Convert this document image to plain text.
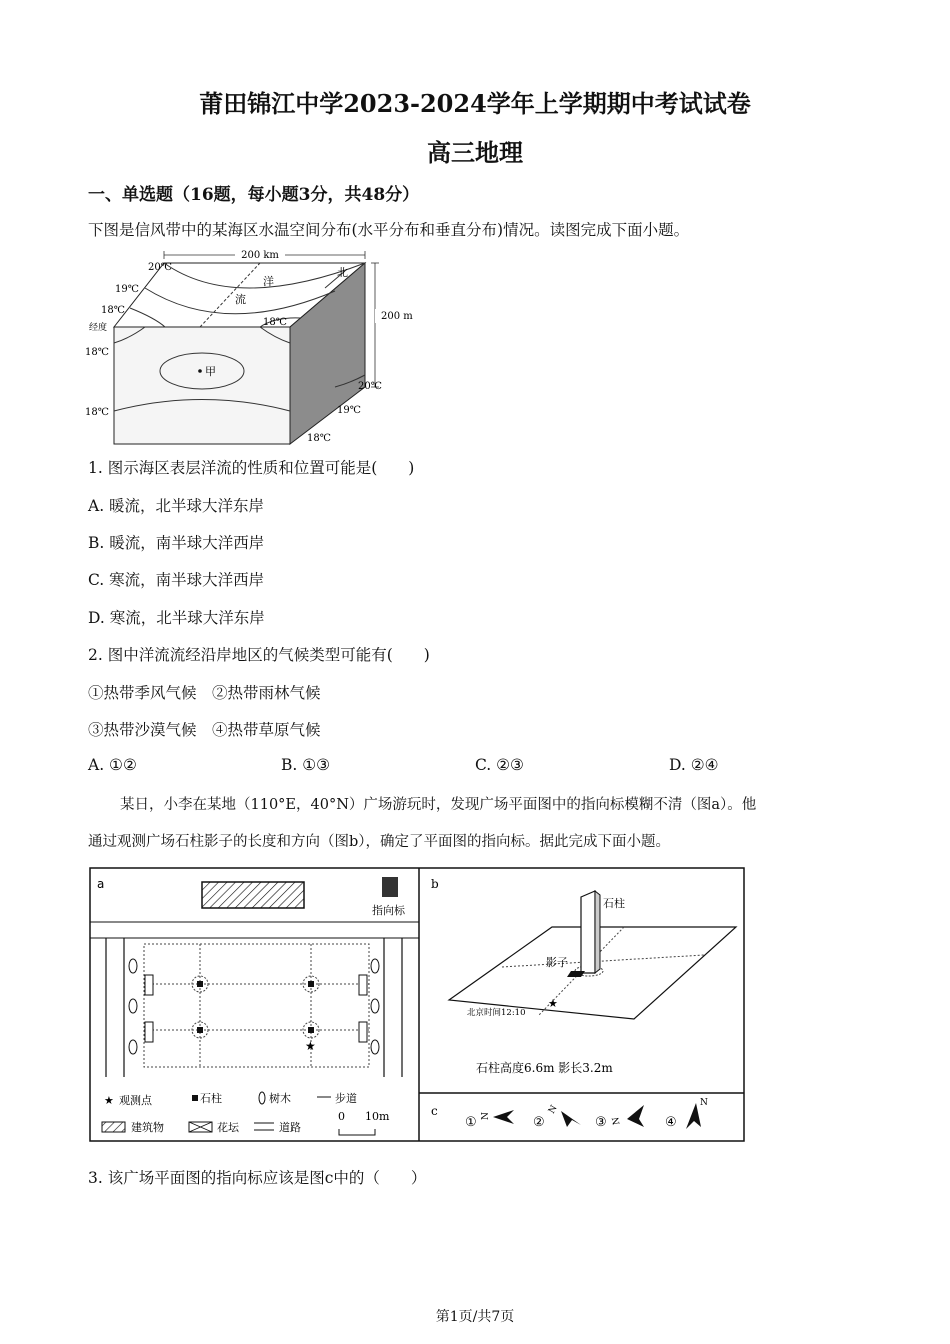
莆田锦江中学2023-2024学年上学期期中考试试卷
高三地理
一、单选题（16题，每小题3分，共48分）
下图是信风带中的某海区水温空间分布(水平分布和垂直分布)情况。读图完成下面小题。
200 km
200 m
北
洋
流
经度
甲
20℃
19℃
18℃
18℃
18℃
18℃
18℃
20℃
19℃
1. 图示海区表层洋流的性质和位置可能是(　　)
A. 暖流，北半球大洋东岸
B. 暖流，南半球大洋西岸
C. 寒流，南半球大洋西岸
D. 寒流，北半球大洋东岸
2. 图中洋流流经沿岸地区的气候类型可能有(　　)
①热带季风气候　②热带雨林气候
③热带沙漠气候　④热带草原气候
A. ①②	B. ①③	C. ②③	D. ②④
某日，小李在某地（110°E，40°N）广场游玩时，发现广场平面图中的指向标模糊不清（图a）。他
通过观测广场石柱影子的长度和方向（图b），确定了平面图的指向标。据此完成下面小题。
a
指向标
★
★ 观测点	石柱	树木	步道
0 10m
建筑物	花坛	道路
b
石柱
影子
★
北京时间12:10
石柱高度6.6m 影长3.2m
c
① N	②
N
③ N	④
N
3. 该广场平面图的指向标应该是图c中的（　　）
第1页/共7页
